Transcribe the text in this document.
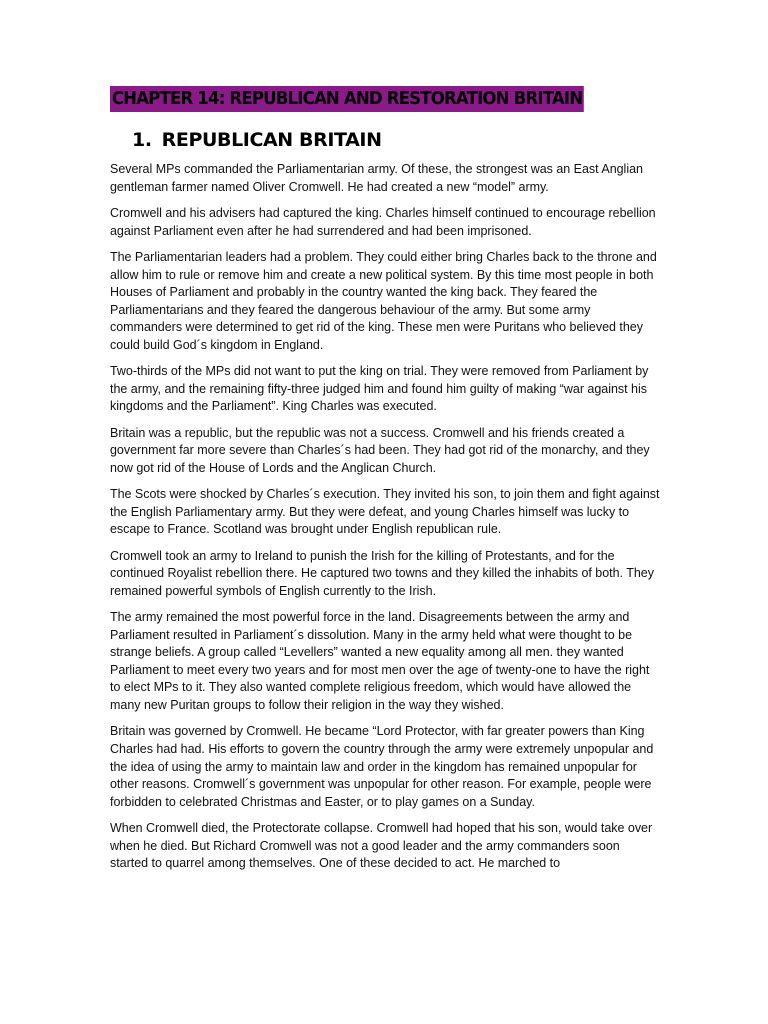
CHAPTER 14: REPUBLICAN AND RESTORATION BRITAIN
1. REPUBLICAN BRITAIN

Several MPs commanded the Parliamentarian army. Of these, the strongest was an East Anglian gentleman farmer named Oliver Cromwell. He had created a new “model” army.

Cromwell and his advisers had captured the king. Charles himself continued to encourage rebellion against Parliament even after he had surrendered and had been imprisoned.

The Parliamentarian leaders had a problem. They could either bring Charles back to the throne and allow him to rule or remove him and create a new political system. By this time most people in both Houses of Parliament and probably in the country wanted the king back. They feared the Parliamentarians and they feared the dangerous behaviour of the army. But some army commanders were determined to get rid of the king. These men were Puritans who believed they could build God´s kingdom in England.

Two-thirds of the MPs did not want to put the king on trial. They were removed from Parliament by the army, and the remaining fifty-three judged him and found him guilty of making “war against his kingdoms and the Parliament”. King Charles was executed.

Britain was a republic, but the republic was not a success. Cromwell and his friends created a government far more severe than Charles´s had been. They had got rid of the monarchy, and they now got rid of the House of Lords and the Anglican Church.

The Scots were shocked by Charles´s execution. They invited his son, to join them and fight against the English Parliamentary army. But they were defeat, and young Charles himself was lucky to escape to France. Scotland was brought under English republican rule.

Cromwell took an army to Ireland to punish the Irish for the killing of Protestants, and for the continued Royalist rebellion there. He captured two towns and they killed the inhabits of both. They remained powerful symbols of English currently to the Irish.

The army remained the most powerful force in the land. Disagreements between the army and Parliament resulted in Parliament´s dissolution. Many in the army held what were thought to be strange beliefs. A group called “Levellers” wanted a new equality among all men. they wanted Parliament to meet every two years and for most men over the age of twenty-one to have the right to elect MPs to it. They also wanted complete religious freedom, which would have allowed the many new Puritan groups to follow their religion in the way they wished.

Britain was governed by Cromwell. He became “Lord Protector, with far greater powers than King Charles had had. His efforts to govern the country through the army were extremely unpopular and the idea of using the army to maintain law and order in the kingdom has remained unpopular for other reasons. Cromwell´s government was unpopular for other reason. For example, people were forbidden to celebrated Christmas and Easter, or to play games on a Sunday.

When Cromwell died, the Protectorate collapse. Cromwell had hoped that his son, would take over when he died. But Richard Cromwell was not a good leader and the army commanders soon started to quarrel among themselves. One of these decided to act. He marched to
